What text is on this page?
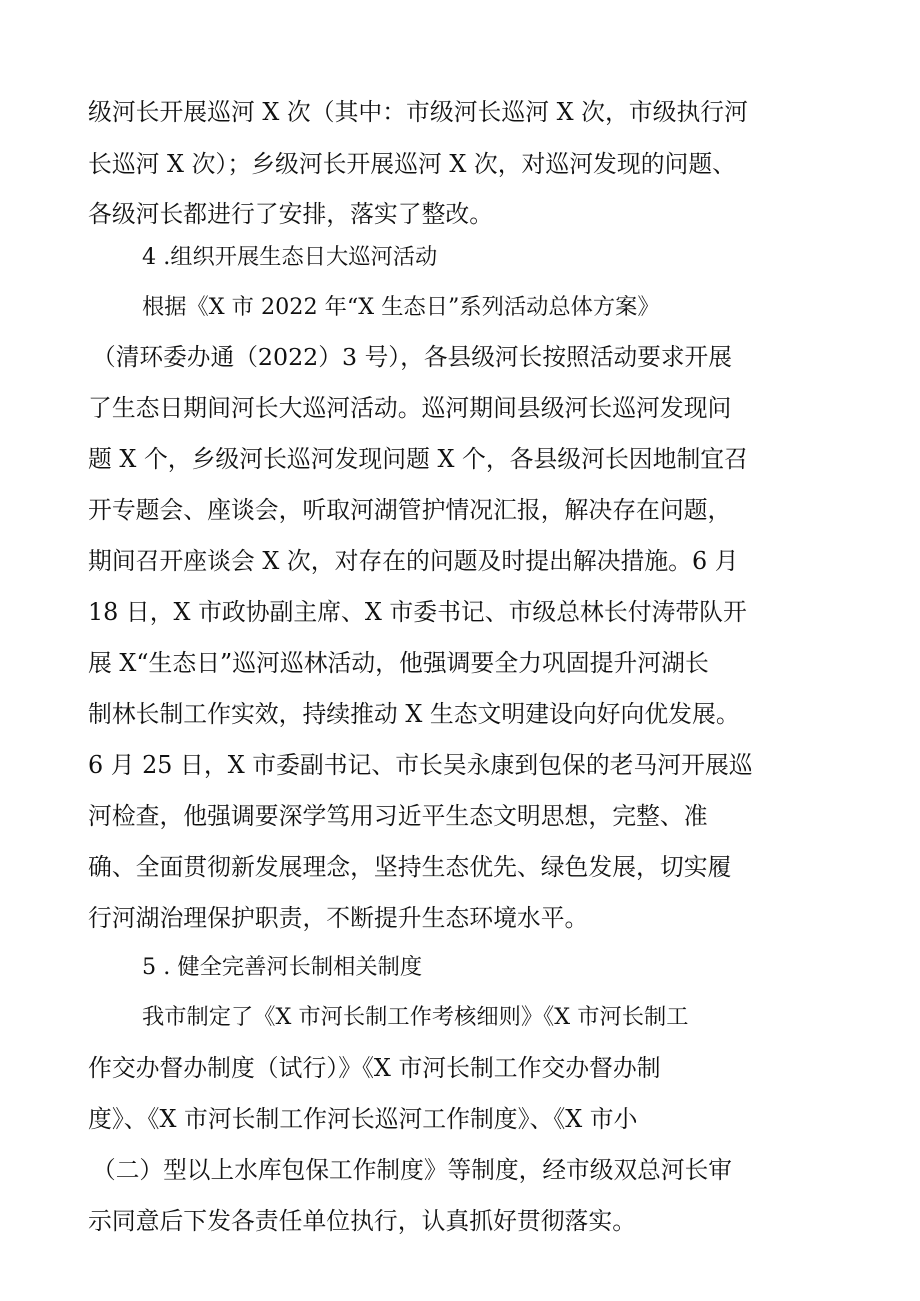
级河长开展巡河 X 次（其中：市级河长巡河 X 次，市级执行河
长巡河 X 次）；乡级河长开展巡河 X 次，对巡河发现的问题、
各级河长都进行了安排，落实了整改。
4 .组织开展生态日大巡河活动
根据《X 市 2022 年“X 生态日”系列活动总体方案》
（清环委办通（2022）3 号），各县级河长按照活动要求开展
了生态日期间河长大巡河活动。巡河期间县级河长巡河发现问
题 X 个，乡级河长巡河发现问题 X 个，各县级河长因地制宜召
开专题会、座谈会，听取河湖管护情况汇报，解决存在问题，
期间召开座谈会 X 次，对存在的问题及时提出解决措施。6 月
18 日，X 市政协副主席、X 市委书记、市级总林长付涛带队开
展 X“生态日”巡河巡林活动，他强调要全力巩固提升河湖长
制林长制工作实效，持续推动 X 生态文明建设向好向优发展。
6 月 25 日，X 市委副书记、市长吴永康到包保的老马河开展巡
河检查，他强调要深学笃用习近平生态文明思想，完整、准
确、全面贯彻新发展理念，坚持生态优先、绿色发展，切实履
行河湖治理保护职责，不断提升生态环境水平。
5 . 健全完善河长制相关制度
我市制定了《X 市河长制工作考核细则》《X 市河长制工
作交办督办制度（试行）》《X 市河长制工作交办督办制
度》、《X 市河长制工作河长巡河工作制度》、《X 市小
（二）型以上水库包保工作制度》等制度，经市级双总河长审
示同意后下发各责任单位执行，认真抓好贯彻落实。
